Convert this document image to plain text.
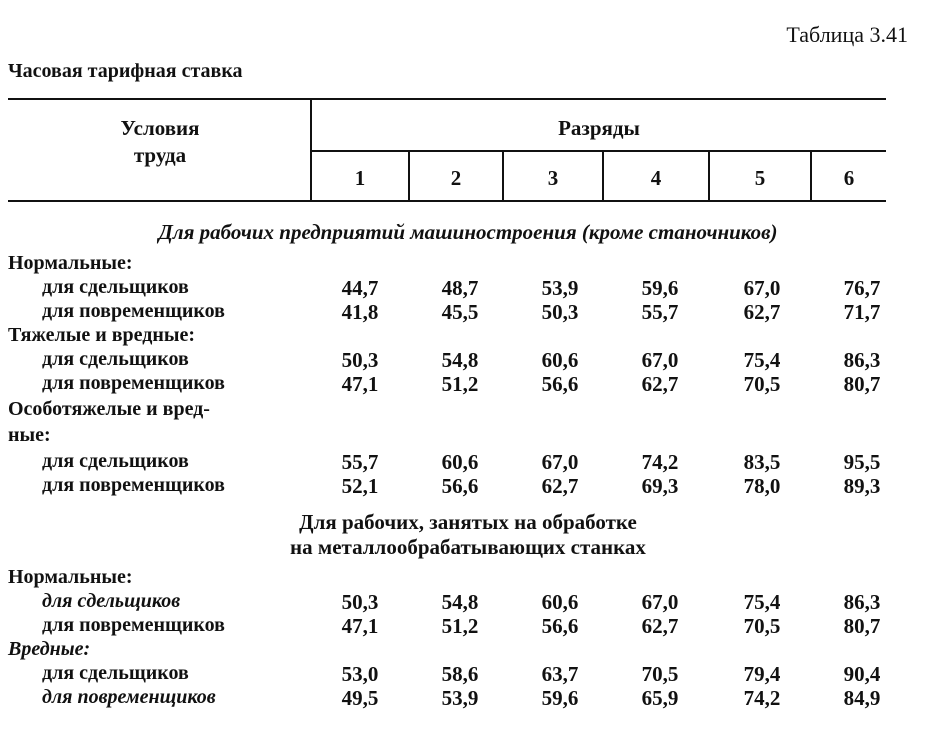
Таблица 3.41
Часовая тарифная ставка
Условия
труда
Разряды
1	2	3	4	5	6
Для рабочих предприятий машиностроения (кроме станочников)
Нормальные:
для сдельщиков	44,7	48,7	53,9	59,6	67,0	76,7
для повременщиков	41,8	45,5	50,3	55,7	62,7	71,7
Тяжелые и вредные:
для сдельщиков	50,3	54,8	60,6	67,0	75,4	86,3
для повременщиков	47,1	51,2	56,6	62,7	70,5	80,7
Особотяжелые и вред-
ные:
для сдельщиков	55,7	60,6	67,0	74,2	83,5	95,5
для повременщиков	52,1	56,6	62,7	69,3	78,0	89,3
Для рабочих, занятых на обработке
на металлообрабатывающих станках
Нормальные:
для сдельщиков	50,3	54,8	60,6	67,0	75,4	86,3
для повременщиков	47,1	51,2	56,6	62,7	70,5	80,7
Вредные:
для сдельщиков	53,0	58,6	63,7	70,5	79,4	90,4
для повременщиков	49,5	53,9	59,6	65,9	74,2	84,9
